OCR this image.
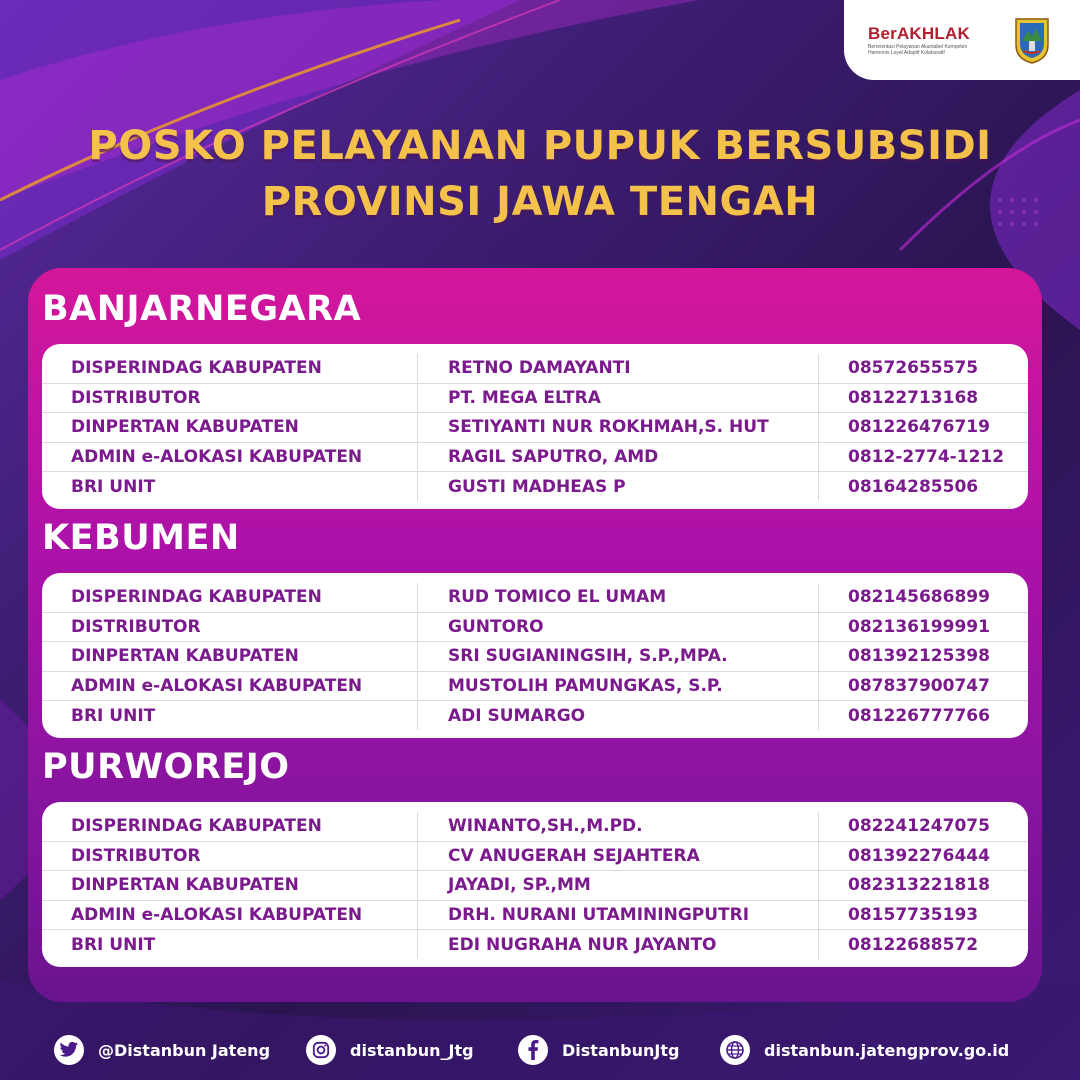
BerAKHLAK
Berorientasi Pelayanan Akuntabel Kompeten Harmonis Loyal Adaptif Kolaboratif
POSKO PELAYANAN PUPUK BERSUBSIDI
PROVINSI JAWA TENGAH
BANJARNEGARA
DISPERINDAG KABUPATEN	RETNO DAMAYANTI	08572655575
DISTRIBUTOR	PT. MEGA ELTRA	08122713168
DINPERTAN KABUPATEN	SETIYANTI NUR ROKHMAH,S. HUT	081226476719
ADMIN e-ALOKASI KABUPATEN	RAGIL SAPUTRO, AMD	0812-2774-1212
BRI UNIT	GUSTI MADHEAS P	08164285506
KEBUMEN
DISPERINDAG KABUPATEN	RUD TOMICO EL UMAM	082145686899
DISTRIBUTOR	GUNTORO	082136199991
DINPERTAN KABUPATEN	SRI SUGIANINGSIH, S.P.,MPA.	081392125398
ADMIN e-ALOKASI KABUPATEN	MUSTOLIH PAMUNGKAS, S.P.	087837900747
BRI UNIT	ADI SUMARGO	081226777766
PURWOREJO
DISPERINDAG KABUPATEN	WINANTO,SH.,M.PD.	082241247075
DISTRIBUTOR	CV ANUGERAH SEJAHTERA	081392276444
DINPERTAN KABUPATEN	JAYADI, SP.,MM	082313221818
ADMIN e-ALOKASI KABUPATEN	DRH. NURANI UTAMININGPUTRI	08157735193
BRI UNIT	EDI NUGRAHA NUR JAYANTO	08122688572
@Distanbun Jateng	distanbun_Jtg	DistanbunJtg	distanbun.jatengprov.go.id
